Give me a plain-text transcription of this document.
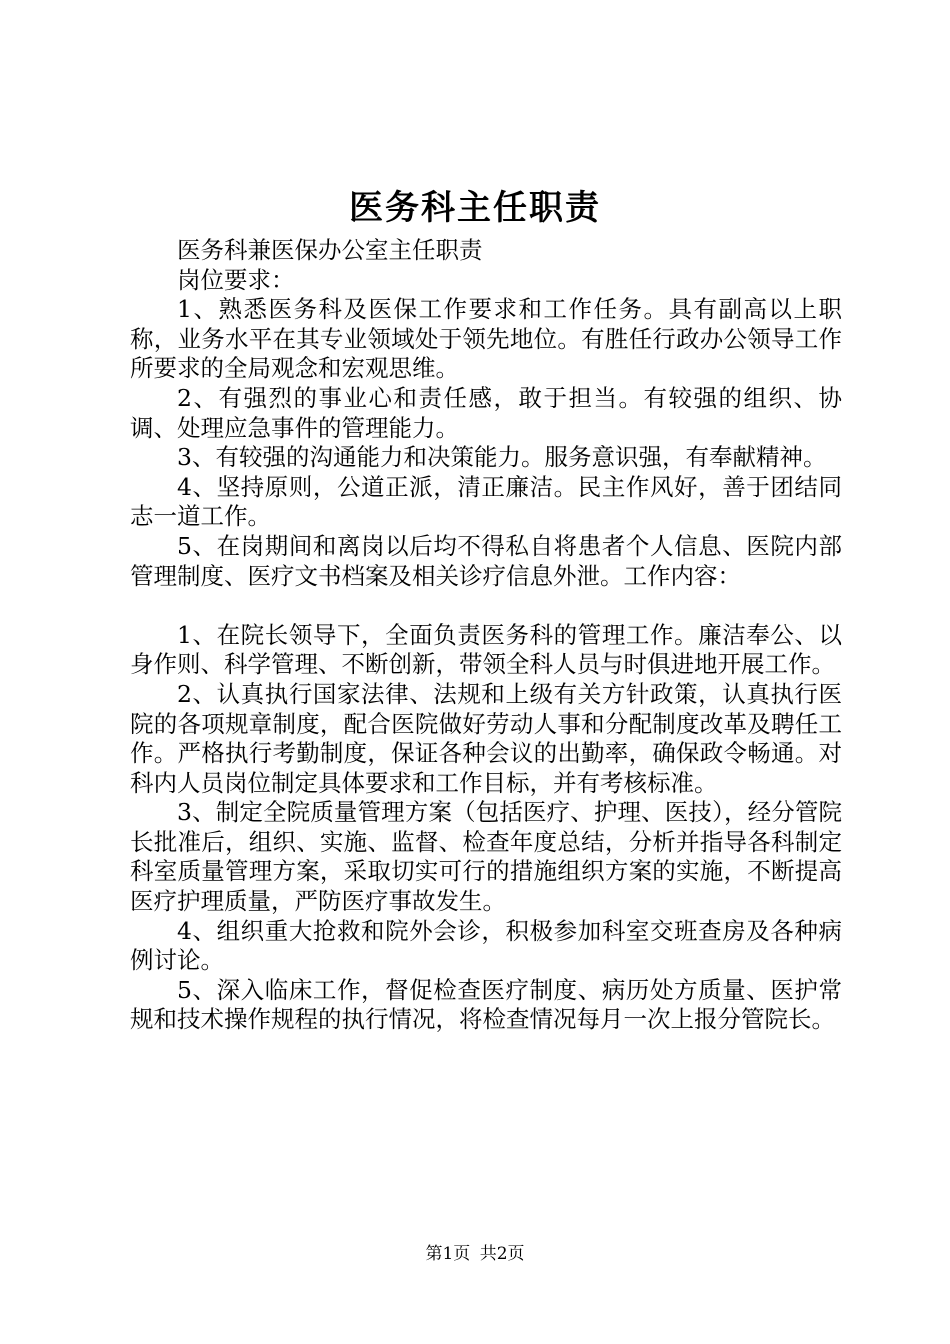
医务科主任职责

医务科兼医保办公室主任职责

岗位要求：

1、熟悉医务科及医保工作要求和工作任务。具有副高以上职称，业务水平在其专业领域处于领先地位。有胜任行政办公领导工作所要求的全局观念和宏观思维。

2、有强烈的事业心和责任感，敢于担当。有较强的组织、协调、处理应急事件的管理能力。

3、有较强的沟通能力和决策能力。服务意识强，有奉献精神。

4、坚持原则，公道正派，清正廉洁。民主作风好，善于团结同志一道工作。

5、在岗期间和离岗以后均不得私自将患者个人信息、医院内部管理制度、医疗文书档案及相关诊疗信息外泄。工作内容：

1、在院长领导下，全面负责医务科的管理工作。廉洁奉公、以身作则、科学管理、不断创新，带领全科人员与时俱进地开展工作。

2、认真执行国家法律、法规和上级有关方针政策，认真执行医院的各项规章制度，配合医院做好劳动人事和分配制度改革及聘任工作。严格执行考勤制度，保证各种会议的出勤率，确保政令畅通。对科内人员岗位制定具体要求和工作目标，并有考核标准。

3、制定全院质量管理方案（包括医疗、护理、医技），经分管院长批准后，组织、实施、监督、检查年度总结，分析并指导各科制定科室质量管理方案，采取切实可行的措施组织方案的实施，不断提高医疗护理质量，严防医疗事故发生。

4、组织重大抢救和院外会诊，积极参加科室交班查房及各种病例讨论。

5、深入临床工作，督促检查医疗制度、病历处方质量、医护常规和技术操作规程的执行情况，将检查情况每月一次上报分管院长。

第1页 共2页
